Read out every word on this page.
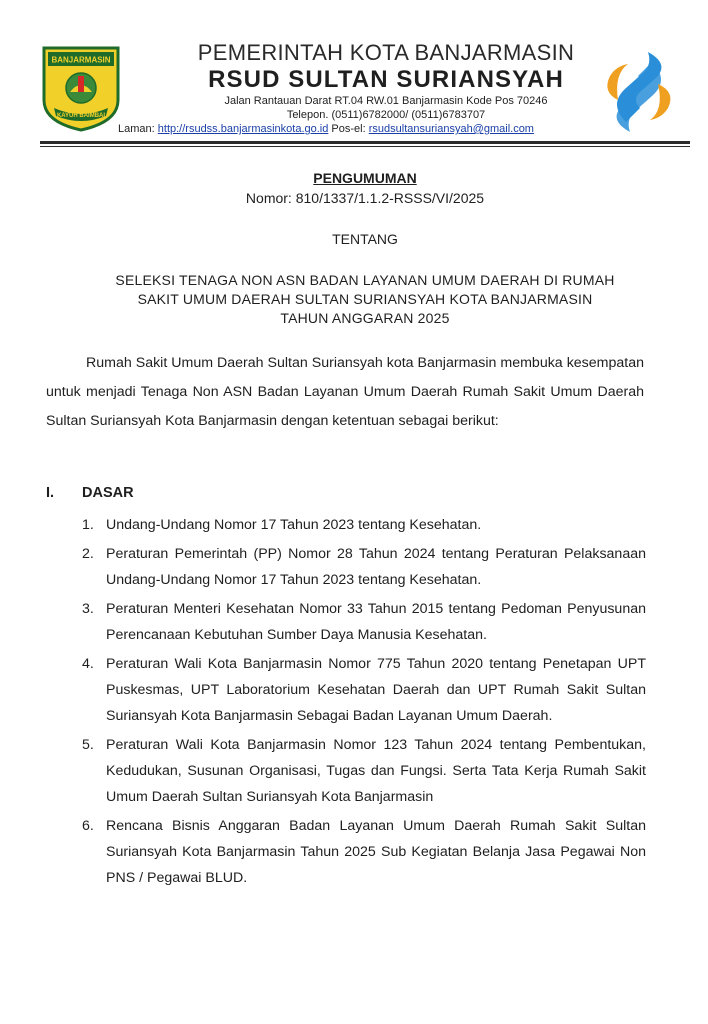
BANJARMASIN
KAYUH BAIMBAI
PEMERINTAH KOTA BANJARMASIN
RSUD SULTAN SURIANSYAH
Jalan Rantauan Darat RT.04 RW.01 Banjarmasin Kode Pos 70246
Telepon. (0511)6782000/ (0511)6783707
Laman: http://rsudss.banjarmasinkota.go.id Pos-el: rsudsultansuriansyah@gmail.com
PENGUMUMAN
Nomor: 810/1337/1.1.2-RSSS/VI/2025
TENTANG
SELEKSI TENAGA NON ASN BADAN LAYANAN UMUM DAERAH DI RUMAH
SAKIT UMUM DAERAH SULTAN SURIANSYAH KOTA BANJARMASIN
TAHUN ANGGARAN 2025
Rumah Sakit Umum Daerah Sultan Suriansyah kota Banjarmasin membuka kesempatan untuk menjadi Tenaga Non ASN Badan Layanan Umum Daerah Rumah Sakit Umum Daerah Sultan Suriansyah Kota Banjarmasin dengan ketentuan sebagai berikut:
I. DASAR
1. Undang-Undang Nomor 17 Tahun 2023 tentang Kesehatan.
2. Peraturan Pemerintah (PP) Nomor 28 Tahun 2024 tentang Peraturan Pelaksanaan Undang-Undang Nomor 17 Tahun 2023 tentang Kesehatan.
3. Peraturan Menteri Kesehatan Nomor 33 Tahun 2015 tentang Pedoman Penyusunan Perencanaan Kebutuhan Sumber Daya Manusia Kesehatan.
4. Peraturan Wali Kota Banjarmasin Nomor 775 Tahun 2020 tentang Penetapan UPT Puskesmas, UPT Laboratorium Kesehatan Daerah dan UPT Rumah Sakit Sultan Suriansyah Kota Banjarmasin Sebagai Badan Layanan Umum Daerah.
5. Peraturan Wali Kota Banjarmasin Nomor 123 Tahun 2024 tentang Pembentukan, Kedudukan, Susunan Organisasi, Tugas dan Fungsi. Serta Tata Kerja Rumah Sakit Umum Daerah Sultan Suriansyah Kota Banjarmasin
6. Rencana Bisnis Anggaran Badan Layanan Umum Daerah Rumah Sakit Sultan Suriansyah Kota Banjarmasin Tahun 2025 Sub Kegiatan Belanja Jasa Pegawai Non PNS / Pegawai BLUD.
